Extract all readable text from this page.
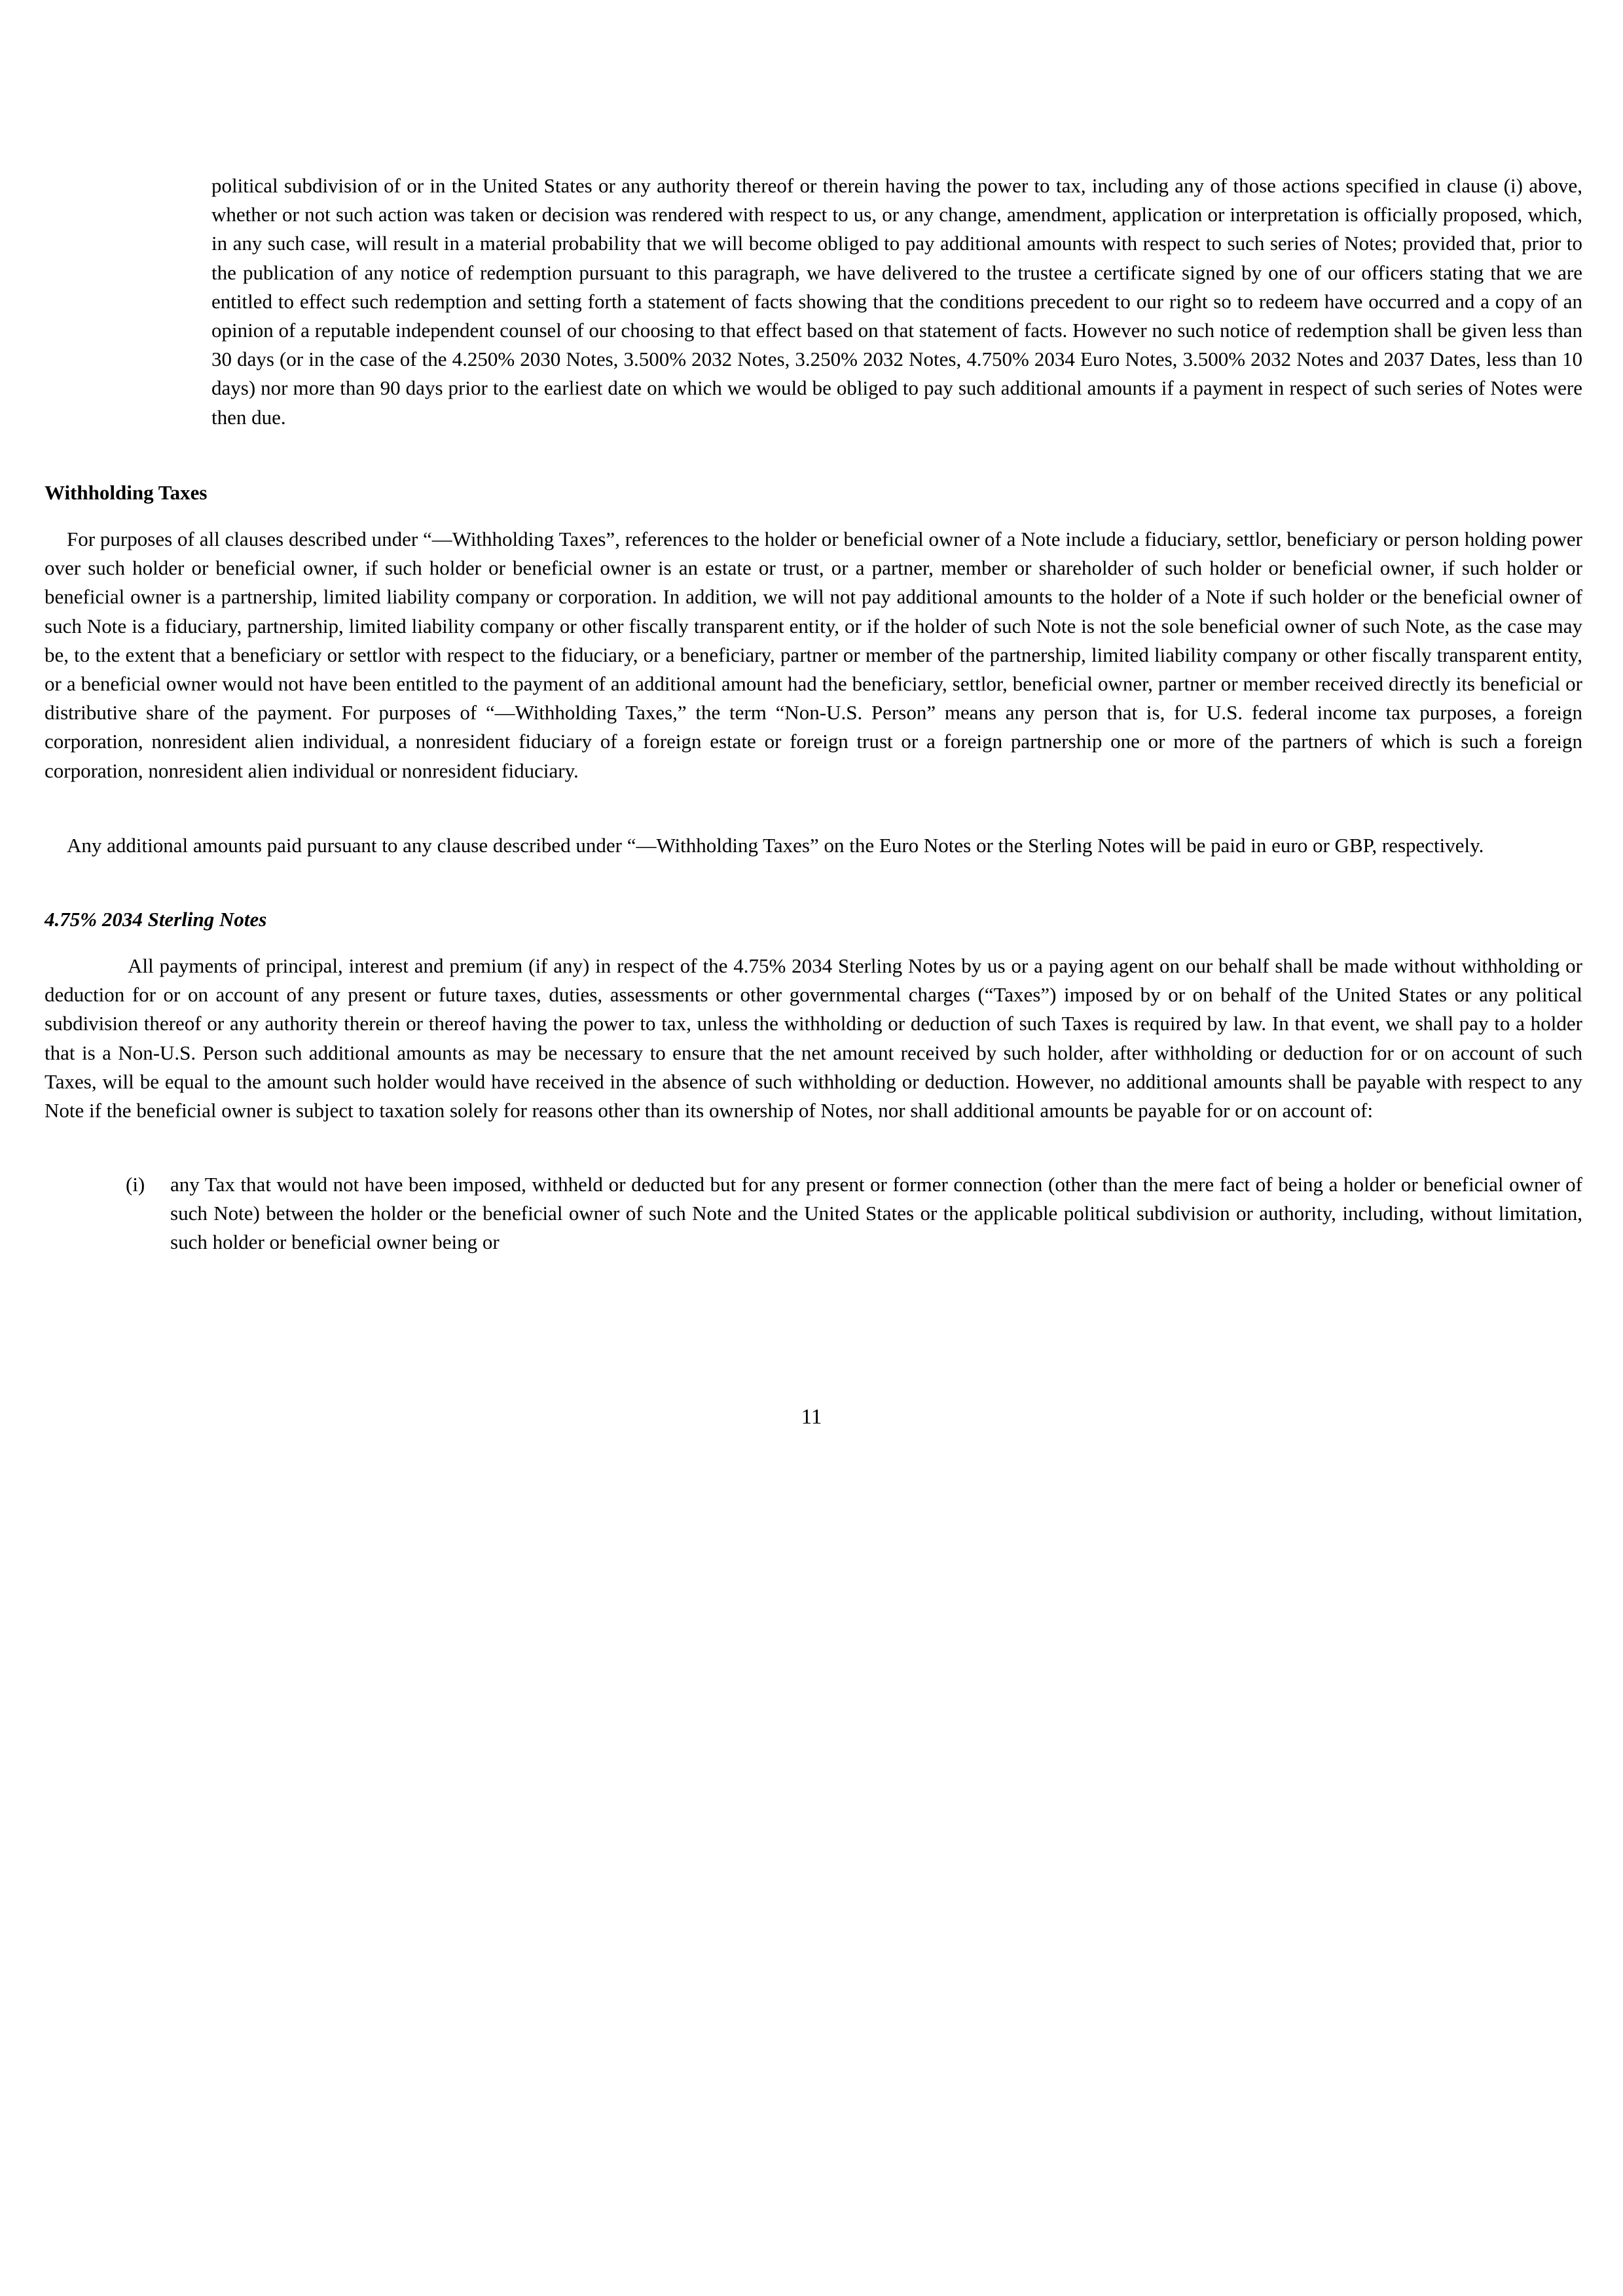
political subdivision of or in the United States or any authority thereof or therein having the power to tax, including any of those actions specified in clause (i) above, whether or not such action was taken or decision was rendered with respect to us, or any change, amendment, application or interpretation is officially proposed, which, in any such case, will result in a material probability that we will become obliged to pay additional amounts with respect to such series of Notes; provided that, prior to the publication of any notice of redemption pursuant to this paragraph, we have delivered to the trustee a certificate signed by one of our officers stating that we are entitled to effect such redemption and setting forth a statement of facts showing that the conditions precedent to our right so to redeem have occurred and a copy of an opinion of a reputable independent counsel of our choosing to that effect based on that statement of facts. However no such notice of redemption shall be given less than 30 days (or in the case of the 4.250% 2030 Notes, 3.500% 2032 Notes, 3.250% 2032 Notes, 4.750% 2034 Euro Notes, 3.500% 2032 Notes and 2037 Dates, less than 10 days) nor more than 90 days prior to the earliest date on which we would be obliged to pay such additional amounts if a payment in respect of such series of Notes were then due.

Withholding Taxes

For purposes of all clauses described under “—Withholding Taxes”, references to the holder or beneficial owner of a Note include a fiduciary, settlor, beneficiary or person holding power over such holder or beneficial owner, if such holder or beneficial owner is an estate or trust, or a partner, member or shareholder of such holder or beneficial owner, if such holder or beneficial owner is a partnership, limited liability company or corporation. In addition, we will not pay additional amounts to the holder of a Note if such holder or the beneficial owner of such Note is a fiduciary, partnership, limited liability company or other fiscally transparent entity, or if the holder of such Note is not the sole beneficial owner of such Note, as the case may be, to the extent that a beneficiary or settlor with respect to the fiduciary, or a beneficiary, partner or member of the partnership, limited liability company or other fiscally transparent entity, or a beneficial owner would not have been entitled to the payment of an additional amount had the beneficiary, settlor, beneficial owner, partner or member received directly its beneficial or distributive share of the payment. For purposes of “—Withholding Taxes,” the term “Non-U.S. Person” means any person that is, for U.S. federal income tax purposes, a foreign corporation, nonresident alien individual, a nonresident fiduciary of a foreign estate or foreign trust or a foreign partnership one or more of the partners of which is such a foreign corporation, nonresident alien individual or nonresident fiduciary.

Any additional amounts paid pursuant to any clause described under “—Withholding Taxes” on the Euro Notes or the Sterling Notes will be paid in euro or GBP, respectively.

4.75% 2034 Sterling Notes

All payments of principal, interest and premium (if any) in respect of the 4.75% 2034 Sterling Notes by us or a paying agent on our behalf shall be made without withholding or deduction for or on account of any present or future taxes, duties, assessments or other governmental charges (“Taxes”) imposed by or on behalf of the United States or any political subdivision thereof or any authority therein or thereof having the power to tax, unless the withholding or deduction of such Taxes is required by law. In that event, we shall pay to a holder that is a Non-U.S. Person such additional amounts as may be necessary to ensure that the net amount received by such holder, after withholding or deduction for or on account of such Taxes, will be equal to the amount such holder would have received in the absence of such withholding or deduction. However, no additional amounts shall be payable with respect to any Note if the beneficial owner is subject to taxation solely for reasons other than its ownership of Notes, nor shall additional amounts be payable for or on account of:

(i) any Tax that would not have been imposed, withheld or deducted but for any present or former connection (other than the mere fact of being a holder or beneficial owner of such Note) between the holder or the beneficial owner of such Note and the United States or the applicable political subdivision or authority, including, without limitation, such holder or beneficial owner being or

11
